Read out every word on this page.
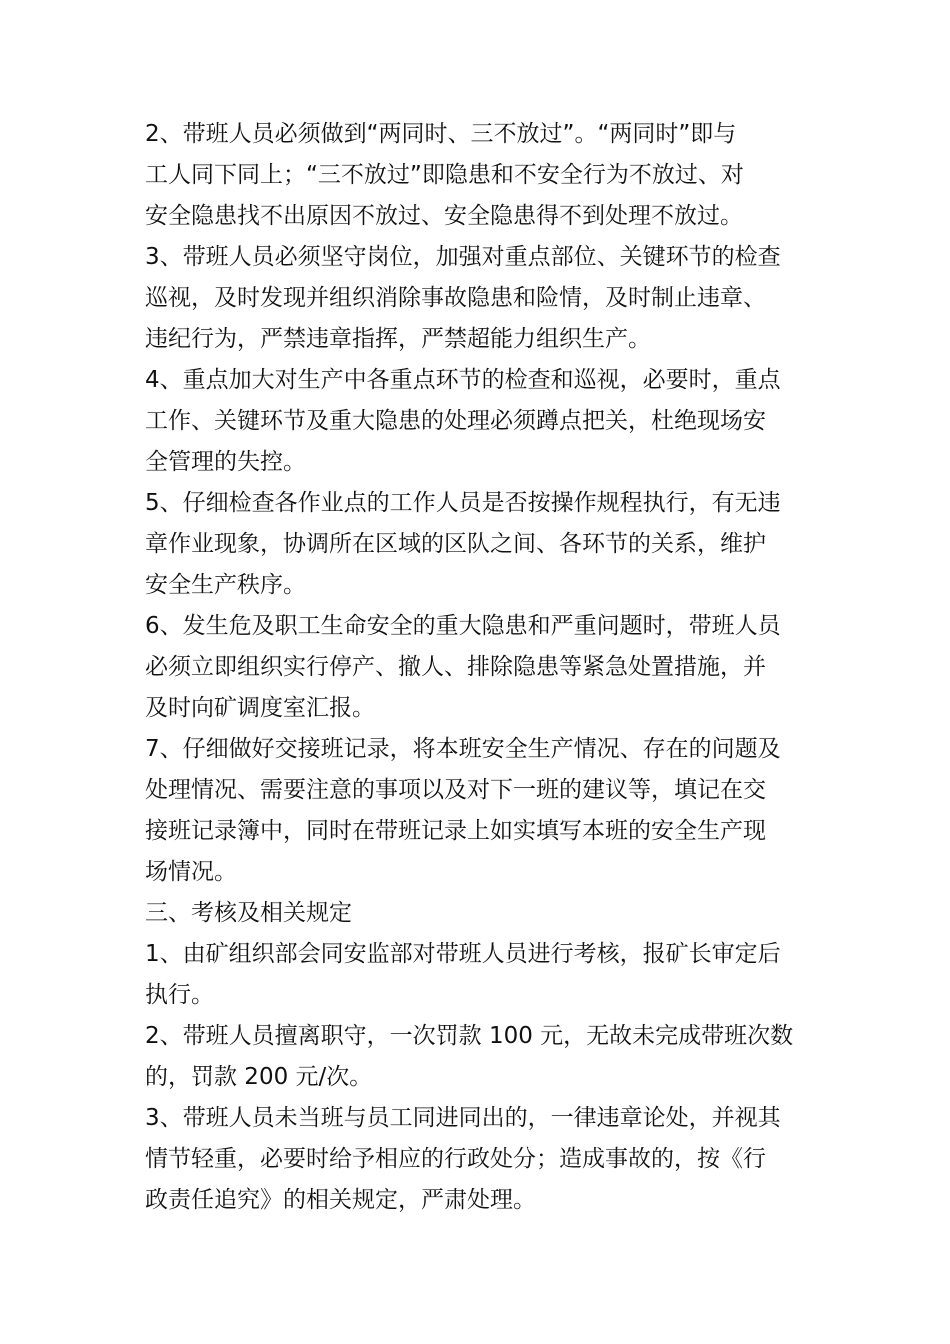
2、带班人员必须做到“两同时、三不放过”。“两同时”即与
工人同下同上；“三不放过”即隐患和不安全行为不放过、对
安全隐患找不出原因不放过、安全隐患得不到处理不放过。
3、带班人员必须坚守岗位，加强对重点部位、关键环节的检查
巡视，及时发现并组织消除事故隐患和险情，及时制止违章、
违纪行为，严禁违章指挥，严禁超能力组织生产。
4、重点加大对生产中各重点环节的检查和巡视，必要时，重点
工作、关键环节及重大隐患的处理必须蹲点把关，杜绝现场安
全管理的失控。
5、仔细检查各作业点的工作人员是否按操作规程执行，有无违
章作业现象，协调所在区域的区队之间、各环节的关系，维护
安全生产秩序。
6、发生危及职工生命安全的重大隐患和严重问题时，带班人员
必须立即组织实行停产、撤人、排除隐患等紧急处置措施，并
及时向矿调度室汇报。
7、仔细做好交接班记录，将本班安全生产情况、存在的问题及
处理情况、需要注意的事项以及对下一班的建议等，填记在交
接班记录簿中，同时在带班记录上如实填写本班的安全生产现
场情况。
三、考核及相关规定
1、由矿组织部会同安监部对带班人员进行考核，报矿长审定后
执行。
2、带班人员擅离职守，一次罚款 100 元，无故未完成带班次数
的，罚款 200 元/次。
3、带班人员未当班与员工同进同出的，一律违章论处，并视其
情节轻重，必要时给予相应的行政处分；造成事故的，按《行
政责任追究》的相关规定，严肃处理。
